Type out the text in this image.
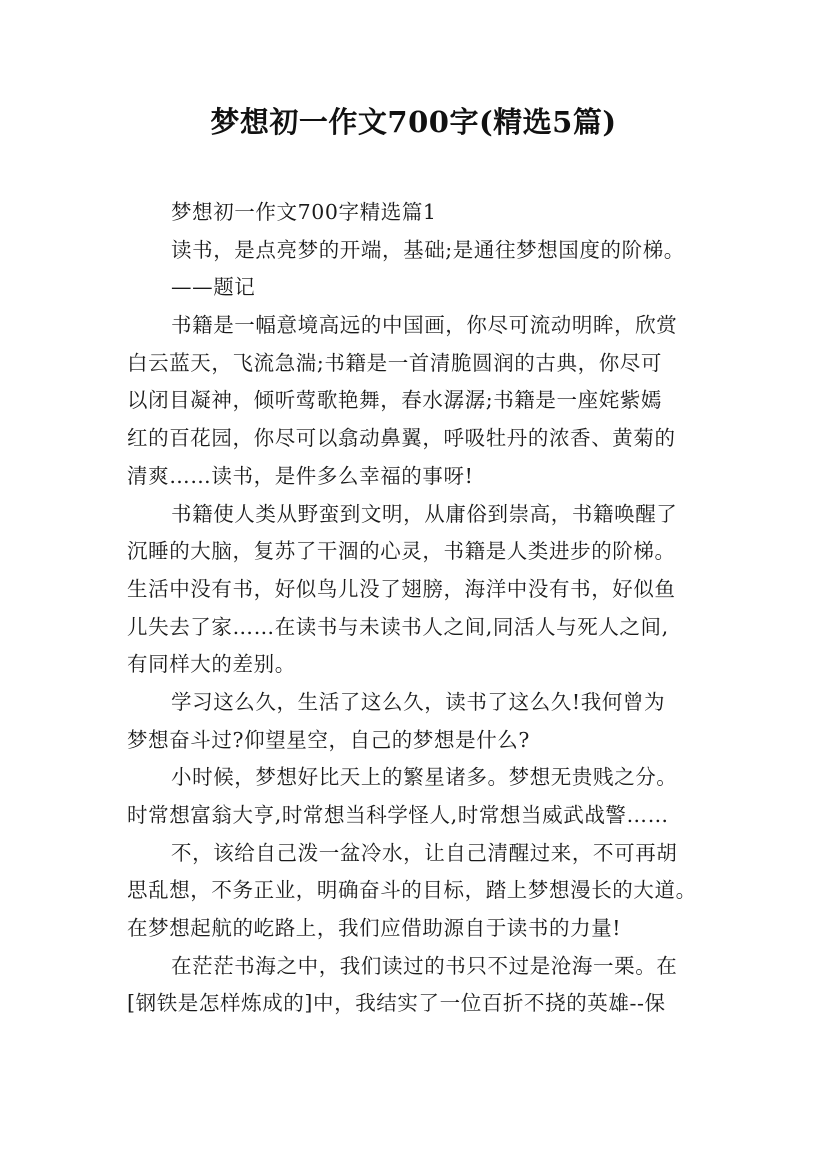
梦想初一作文700字(精选5篇)

梦想初一作文700字精选篇1

读书，是点亮梦的开端，基础;是通往梦想国度的阶梯。

——题记

书籍是一幅意境高远的中国画，你尽可流动明眸，欣赏

白云蓝天，飞流急湍;书籍是一首清脆圆润的古典，你尽可

以闭目凝神，倾听莺歌艳舞，春水潺潺;书籍是一座姹紫嫣

红的百花园，你尽可以翕动鼻翼，呼吸牡丹的浓香、黄菊的

清爽……读书，是件多么幸福的事呀!

书籍使人类从野蛮到文明，从庸俗到崇高，书籍唤醒了

沉睡的大脑，复苏了干涸的心灵，书籍是人类进步的阶梯。

生活中没有书，好似鸟儿没了翅膀，海洋中没有书，好似鱼

儿失去了家……在读书与未读书人之间,同活人与死人之间,

有同样大的差别。

学习这么久，生活了这么久，读书了这么久!我何曾为

梦想奋斗过?仰望星空，自己的梦想是什么?

小时候，梦想好比天上的繁星诸多。梦想无贵贱之分。

时常想富翁大亨,时常想当科学怪人,时常想当威武战警……

不，该给自己泼一盆冷水，让自己清醒过来，不可再胡

思乱想，不务正业，明确奋斗的目标，踏上梦想漫长的大道。

在梦想起航的屹路上，我们应借助源自于读书的力量!

在茫茫书海之中，我们读过的书只不过是沧海一栗。在

[钢铁是怎样炼成的]中，我结实了一位百折不挠的英雄--保
